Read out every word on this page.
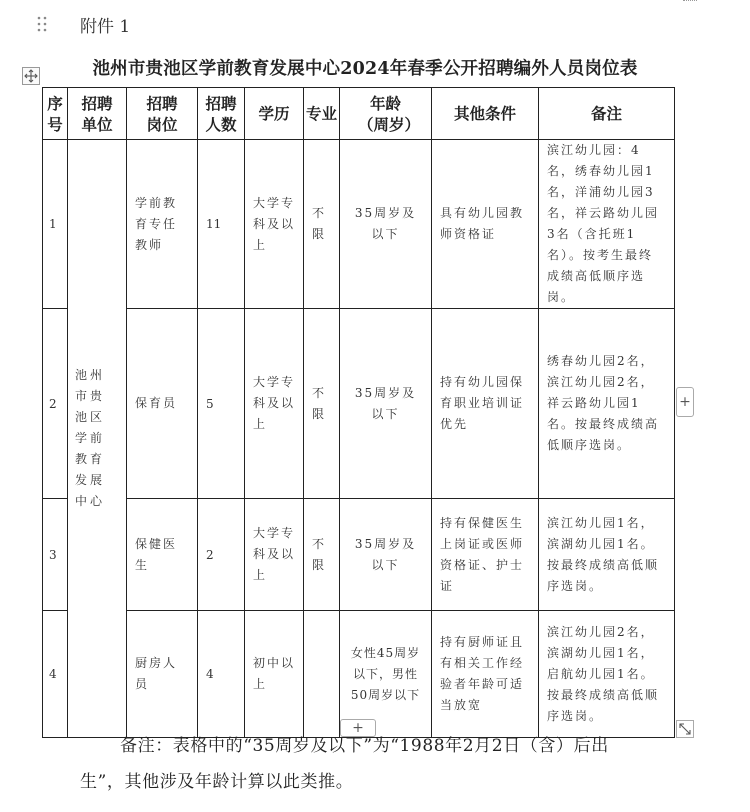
附件 1
池州市贵池区学前教育发展中心2024年春季公开招聘编外人员岗位表
序号	招聘单位	招聘岗位	招聘人数	学历	专业	年龄（周岁）	其他条件	备注
1	池州市贵池区学前教育发展中心	学前教育专任教师	11	大学专科及以上	不限	35周岁及以下	具有幼儿园教师资格证	滨江幼儿园：4名，绣春幼儿园1名，洋浦幼儿园3名，祥云路幼儿园3名（含托班1名）。按考生最终成绩高低顺序选岗。
2		保育员	5	大学专科及以上	不限	35周岁及以下	持有幼儿园保育职业培训证优先	绣春幼儿园2名，滨江幼儿园2名，祥云路幼儿园1名。按最终成绩高低顺序选岗。
3		保健医生	2	大学专科及以上	不限	35周岁及以下	持有保健医生上岗证或医师资格证、护士证	滨江幼儿园1名，滨湖幼儿园1名。按最终成绩高低顺序选岗。
4		厨房人员	4	初中以上		女性45周岁以下，男性50周岁以下	持有厨师证且有相关工作经验者年龄可适当放宽	滨江幼儿园2名，滨湖幼儿园1名，启航幼儿园1名。按最终成绩高低顺序选岗。
+
+
备注：表格中的“35周岁及以下”为“1988年2月2日（含）后出
生”，其他涉及年龄计算以此类推。
